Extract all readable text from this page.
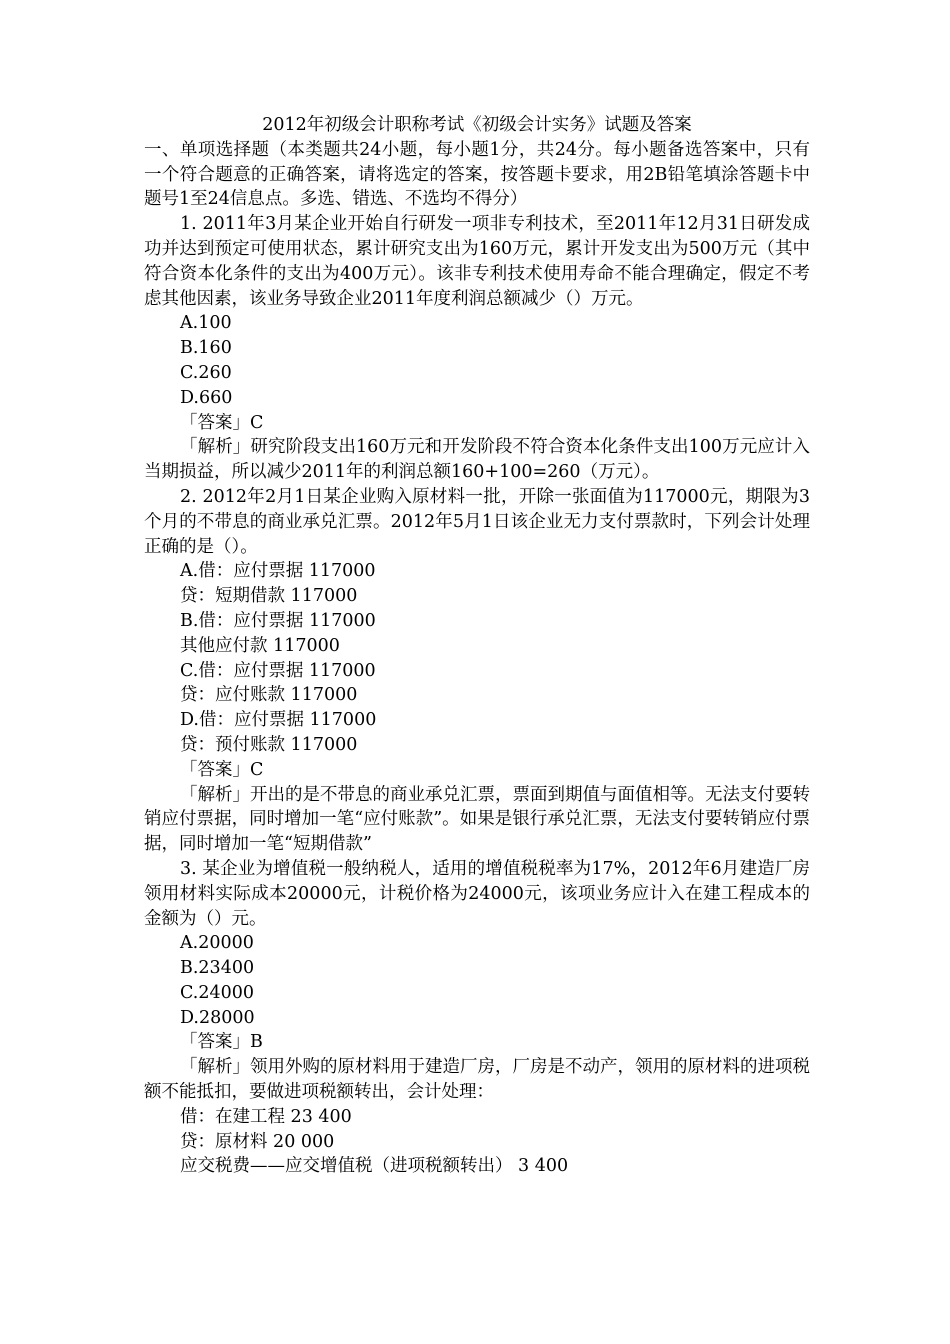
2012年初级会计职称考试《初级会计实务》试题及答案

一、单项选择题（本类题共24小题，每小题1分，共24分。每小题备选答案中，只有一个符合题意的正确答案，请将选定的答案，按答题卡要求，用2B铅笔填涂答题卡中题号1至24信息点。多选、错选、不选均不得分）

1. 2011年3月某企业开始自行研发一项非专利技术，至2011年12月31日研发成功并达到预定可使用状态，累计研究支出为160万元，累计开发支出为500万元（其中符合资本化条件的支出为400万元）。该非专利技术使用寿命不能合理确定，假定不考虑其他因素，该业务导致企业2011年度利润总额减少（）万元。

A.100
B.160
C.260
D.660
「答案」C

「解析」研究阶段支出160万元和开发阶段不符合资本化条件支出100万元应计入当期损益，所以减少2011年的利润总额160+100=260（万元）。

2. 2012年2月1日某企业购入原材料一批，开除一张面值为117000元，期限为3个月的不带息的商业承兑汇票。2012年5月1日该企业无力支付票款时，下列会计处理正确的是（）。

A.借：应付票据 117000
贷：短期借款 117000
B.借：应付票据 117000
其他应付款 117000
C.借：应付票据 117000
贷：应付账款 117000
D.借：应付票据 117000
贷：预付账款 117000
「答案」C

「解析」开出的是不带息的商业承兑汇票，票面到期值与面值相等。无法支付要转销应付票据，同时增加一笔“应付账款”。如果是银行承兑汇票，无法支付要转销应付票据，同时增加一笔“短期借款”

3. 某企业为增值税一般纳税人，适用的增值税税率为17%，2012年6月建造厂房领用材料实际成本20000元，计税价格为24000元，该项业务应计入在建工程成本的金额为（）元。

A.20000
B.23400
C.24000
D.28000
「答案」B

「解析」领用外购的原材料用于建造厂房，厂房是不动产，领用的原材料的进项税额不能抵扣，要做进项税额转出，会计处理：

借：在建工程 23 400
贷：原材料 20 000
应交税费——应交增值税（进项税额转出） 3 400
